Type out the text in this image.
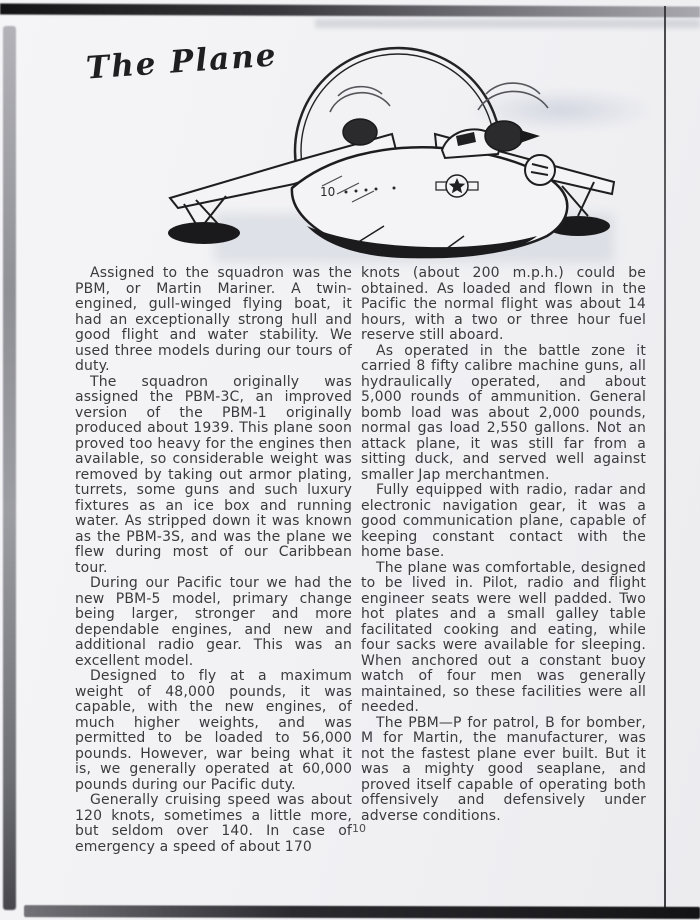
The Plane
10

Assigned to the squadron was the PBM, or Martin Mariner. A twin-engined, gull-winged flying boat, it had an exceptionally strong hull and good flight and water stability. We used three models during our tours of duty.

The squadron originally was assigned the PBM-3C, an improved version of the PBM-1 originally produced about 1939. This plane soon proved too heavy for the engines then available, so considerable weight was removed by taking out armor plating, turrets, some guns and such luxury fixtures as an ice box and running water. As stripped down it was known as the PBM-3S, and was the plane we flew during most of our Caribbean tour.

During our Pacific tour we had the new PBM-5 model, primary change being larger, stronger and more dependable engines, and new and additional radio gear. This was an excellent model.

Designed to fly at a maximum weight of 48,000 pounds, it was capable, with the new engines, of much higher weights, and was permitted to be loaded to 56,000 pounds. However, war being what it is, we generally operated at 60,000 pounds during our Pacific duty.

Generally cruising speed was about 120 knots, sometimes a little more, but seldom over 140. In case of emergency a speed of about 170

knots (about 200 m.p.h.) could be obtained. As loaded and flown in the Pacific the normal flight was about 14 hours, with a two or three hour fuel reserve still aboard.

As operated in the battle zone it carried 8 fifty calibre machine guns, all hydraulically operated, and about 5,000 rounds of ammunition. General bomb load was about 2,000 pounds, normal gas load 2,550 gallons. Not an attack plane, it was still far from a sitting duck, and served well against smaller Jap merchantmen.

Fully equipped with radio, radar and electronic navigation gear, it was a good communication plane, capable of keeping constant contact with the home base.

The plane was comfortable, designed to be lived in. Pilot, radio and flight engineer seats were well padded. Two hot plates and a small galley table facilitated cooking and eating, while four sacks were available for sleeping. When anchored out a constant buoy watch of four men was generally maintained, so these facilities were all needed.

The PBM—P for patrol, B for bomber, M for Martin, the manufacturer, was not the fastest plane ever built. But it was a mighty good seaplane, and proved itself capable of operating both offensively and defensively under adverse conditions.

10
